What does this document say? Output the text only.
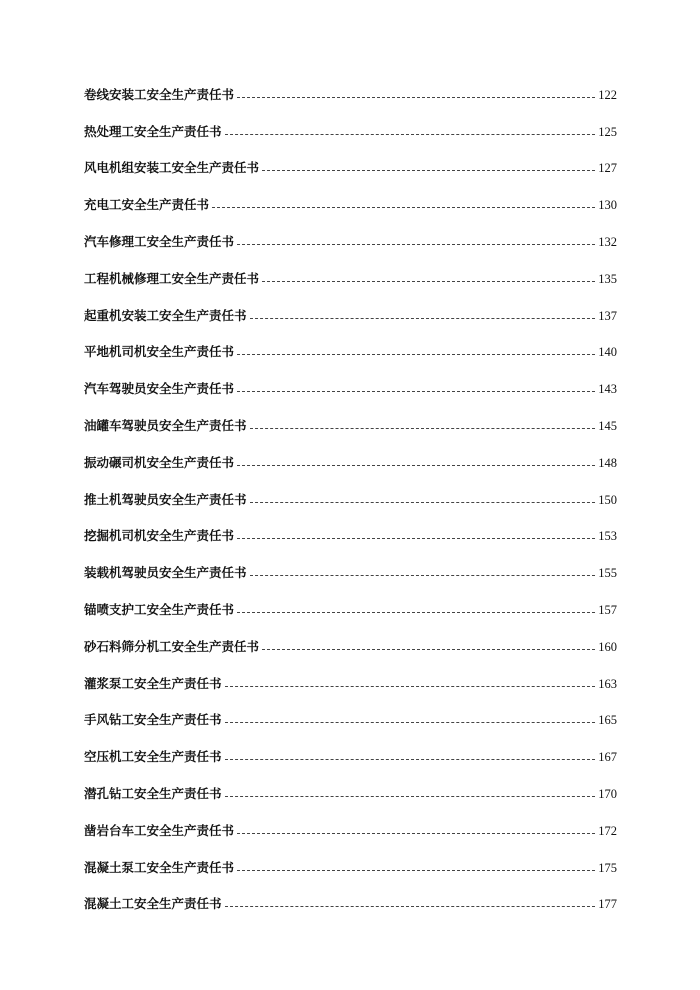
卷线安装工安全生产责任书	122
热处理工安全生产责任书	125
风电机组安装工安全生产责任书	127
充电工安全生产责任书	130
汽车修理工安全生产责任书	132
工程机械修理工安全生产责任书	135
起重机安装工安全生产责任书	137
平地机司机安全生产责任书	140
汽车驾驶员安全生产责任书	143
油罐车驾驶员安全生产责任书	145
振动碾司机安全生产责任书	148
推土机驾驶员安全生产责任书	150
挖掘机司机安全生产责任书	153
装载机驾驶员安全生产责任书	155
锚喷支护工安全生产责任书	157
砂石料筛分机工安全生产责任书	160
灌浆泵工安全生产责任书	163
手风钻工安全生产责任书	165
空压机工安全生产责任书	167
潜孔钻工安全生产责任书	170
凿岩台车工安全生产责任书	172
混凝土泵工安全生产责任书	175
混凝土工安全生产责任书	177
